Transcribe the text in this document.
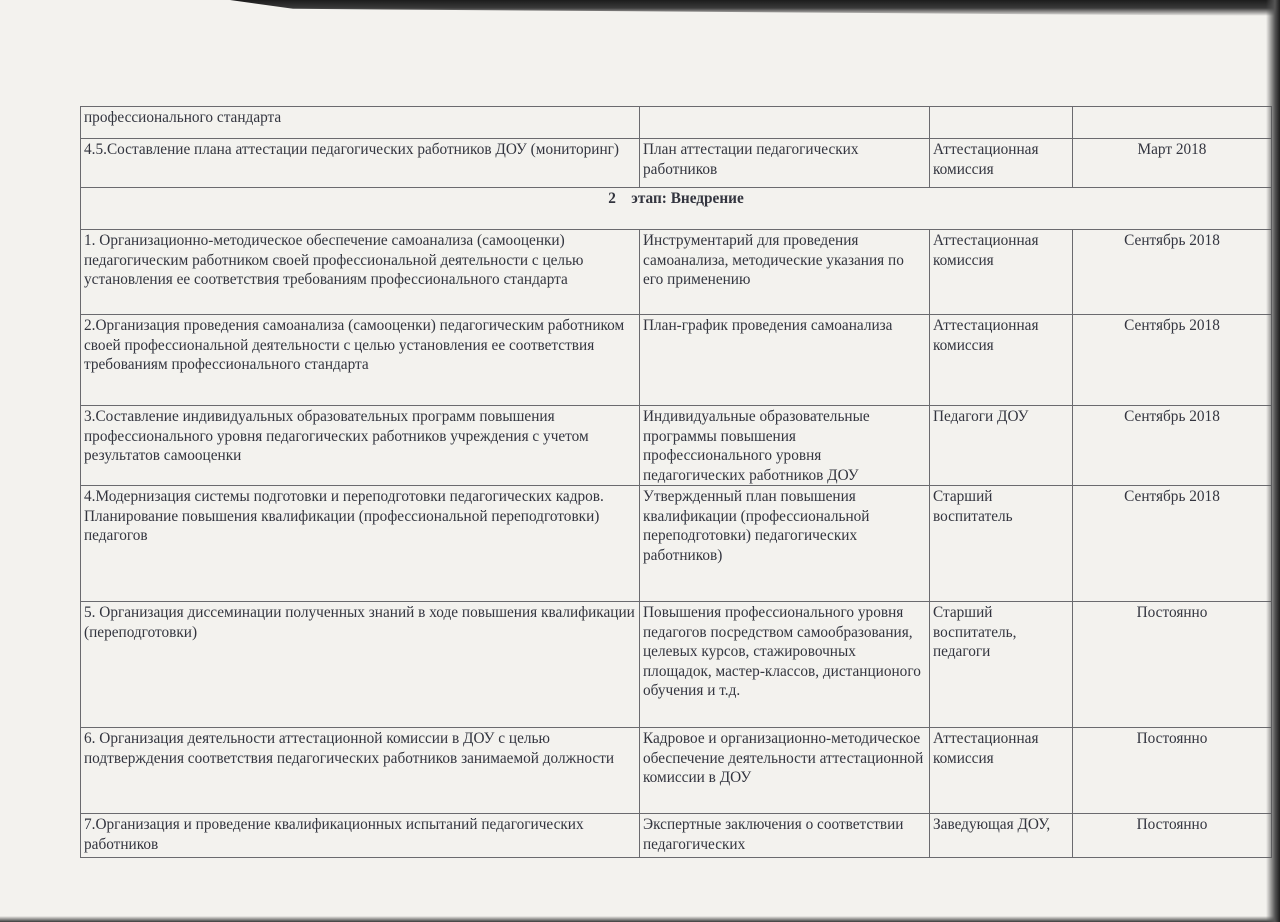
профессионального стандарта			
4.5.Составление плана аттестации педагогических работников ДОУ (мониторинг)	План аттестации педагогических работников	Аттестационная комиссия	Март 2018
2 этап: Внедрение			
1. Организационно-методическое обеспечение самоанализа (самооценки) педагогическим работником своей профессиональной деятельности с целью установления ее соответствия требованиям профессионального стандарта	Инструментарий для проведения самоанализа, методические указания по его применению	Аттестационная комиссия	Сентябрь 2018
2.Организация проведения самоанализа (самооценки) педагогическим работником своей профессиональной деятельности с целью установления ее соответствия требованиям профессионального стандарта	План-график проведения самоанализа	Аттестационная комиссия	Сентябрь 2018
3.Составление индивидуальных образовательных программ повышения профессионального уровня педагогических работников учреждения с учетом результатов самооценки	Индивидуальные образовательные программы повышения профессионального уровня педагогических работников ДОУ	Педагоги ДОУ	Сентябрь 2018
4.Модернизация системы подготовки и переподготовки педагогических кадров. Планирование повышения квалификации (профессиональной переподготовки) педагогов	Утвержденный план повышения квалификации (профессиональной переподготовки) педагогических работников)	Старший воспитатель	Сентябрь 2018
5. Организация диссеминации полученных знаний в ходе повышения квалификации (переподготовки)	Повышения профессионального уровня педагогов посредством самообразования, целевых курсов, стажировочных площадок, мастер-классов, дистанционого обучения и т.д.	Старший воспитатель, педагоги	Постоянно
6. Организация деятельности аттестационной комиссии в ДОУ с целью подтверждения соответствия педагогических работников занимаемой должности	Кадровое и организационно-методическое обеспечение деятельности аттестационной комиссии в ДОУ	Аттестационная комиссия	Постоянно
7.Организация и проведение квалификационных испытаний педагогических работников	Экспертные заключения о соответствии педагогических	Заведующая ДОУ,	Постоянно
